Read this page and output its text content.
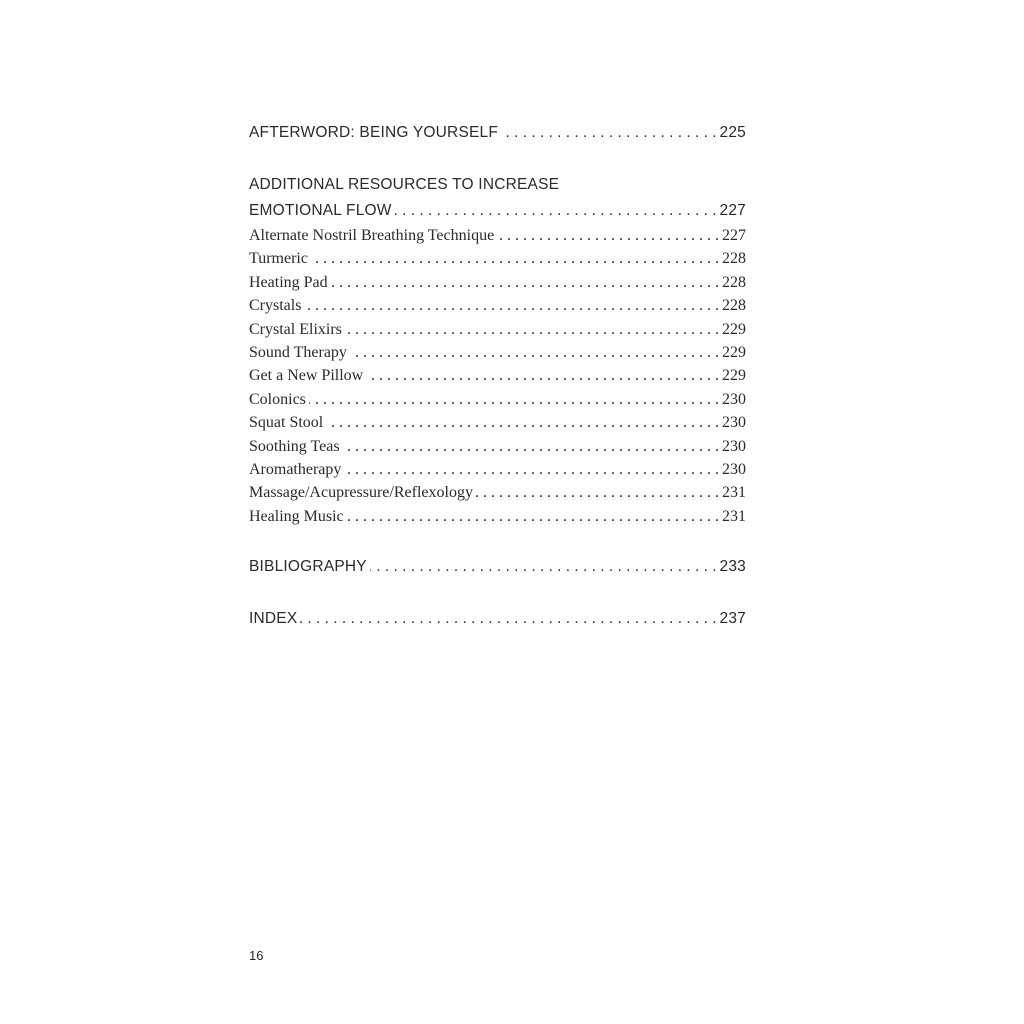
AFTERWORD: BEING YOURSELF . . .	225
ADDITIONAL RESOURCES TO INCREASE
EMOTIONAL FLOW . . .	227
Alternate Nostril Breathing Technique . . .	227
Turmeric . . .	228
Heating Pad . . .	228
Crystals . . .	228
Crystal Elixirs . . .	229
Sound Therapy . . .	229
Get a New Pillow . . .	229
Colonics . . .	230
Squat Stool . . .	230
Soothing Teas . . .	230
Aromatherapy . . .	230
Massage/Acupressure/Reflexology . . .	231
Healing Music . . .	231
BIBLIOGRAPHY . . .	233
INDEX . . .	237
16
